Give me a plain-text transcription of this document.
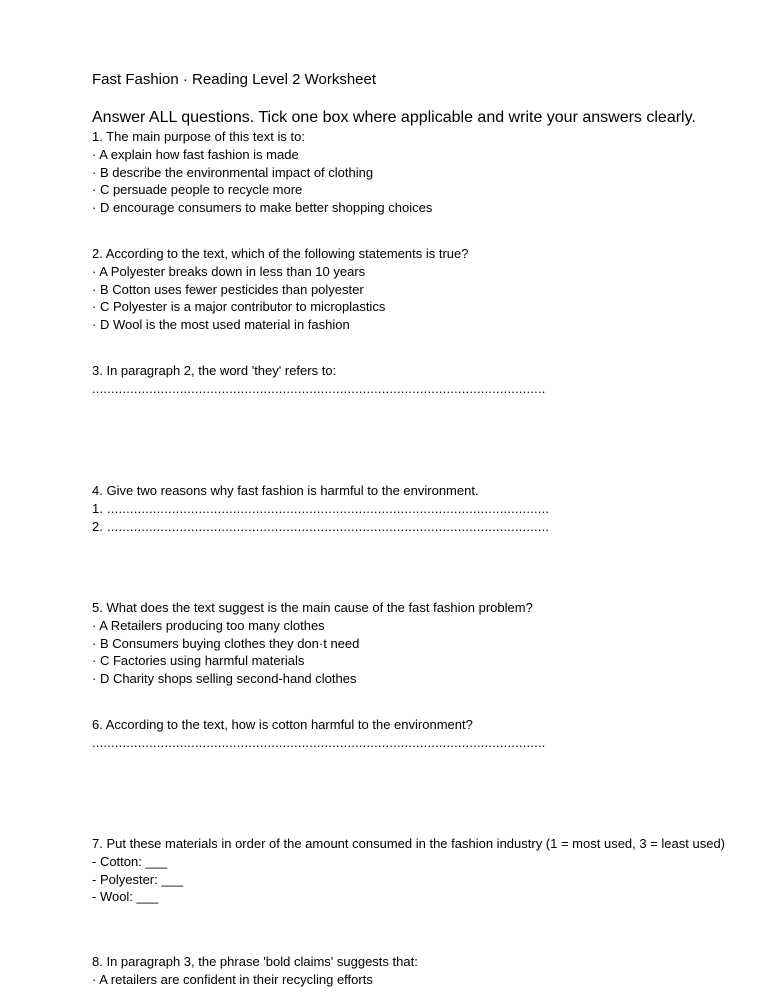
Fast Fashion · Reading Level 2 Worksheet
Answer ALL questions. Tick one box where applicable and write your answers clearly.
1. The main purpose of this text is to:
· A explain how fast fashion is made
· B describe the environmental impact of clothing
· C persuade people to recycle more
· D encourage consumers to make better shopping choices
2. According to the text, which of the following statements is true?
· A Polyester breaks down in less than 10 years
· B Cotton uses fewer pesticides than polyester
· C Polyester is a major contributor to microplastics
· D Wool is the most used material in fashion
3. In paragraph 2, the word 'they' refers to:
.......................................................................................................................
4. Give two reasons why fast fashion is harmful to the environment.
1. ....................................................................................................................
2. ....................................................................................................................
5. What does the text suggest is the main cause of the fast fashion problem?
· A Retailers producing too many clothes
· B Consumers buying clothes they don·t need
· C Factories using harmful materials
· D Charity shops selling second-hand clothes
6. According to the text, how is cotton harmful to the environment?
.......................................................................................................................
7. Put these materials in order of the amount consumed in the fashion industry (1 = most used, 3 = least used)
- Cotton: ___
- Polyester: ___
- Wool: ___
8. In paragraph 3, the phrase 'bold claims' suggests that:
· A retailers are confident in their recycling efforts
